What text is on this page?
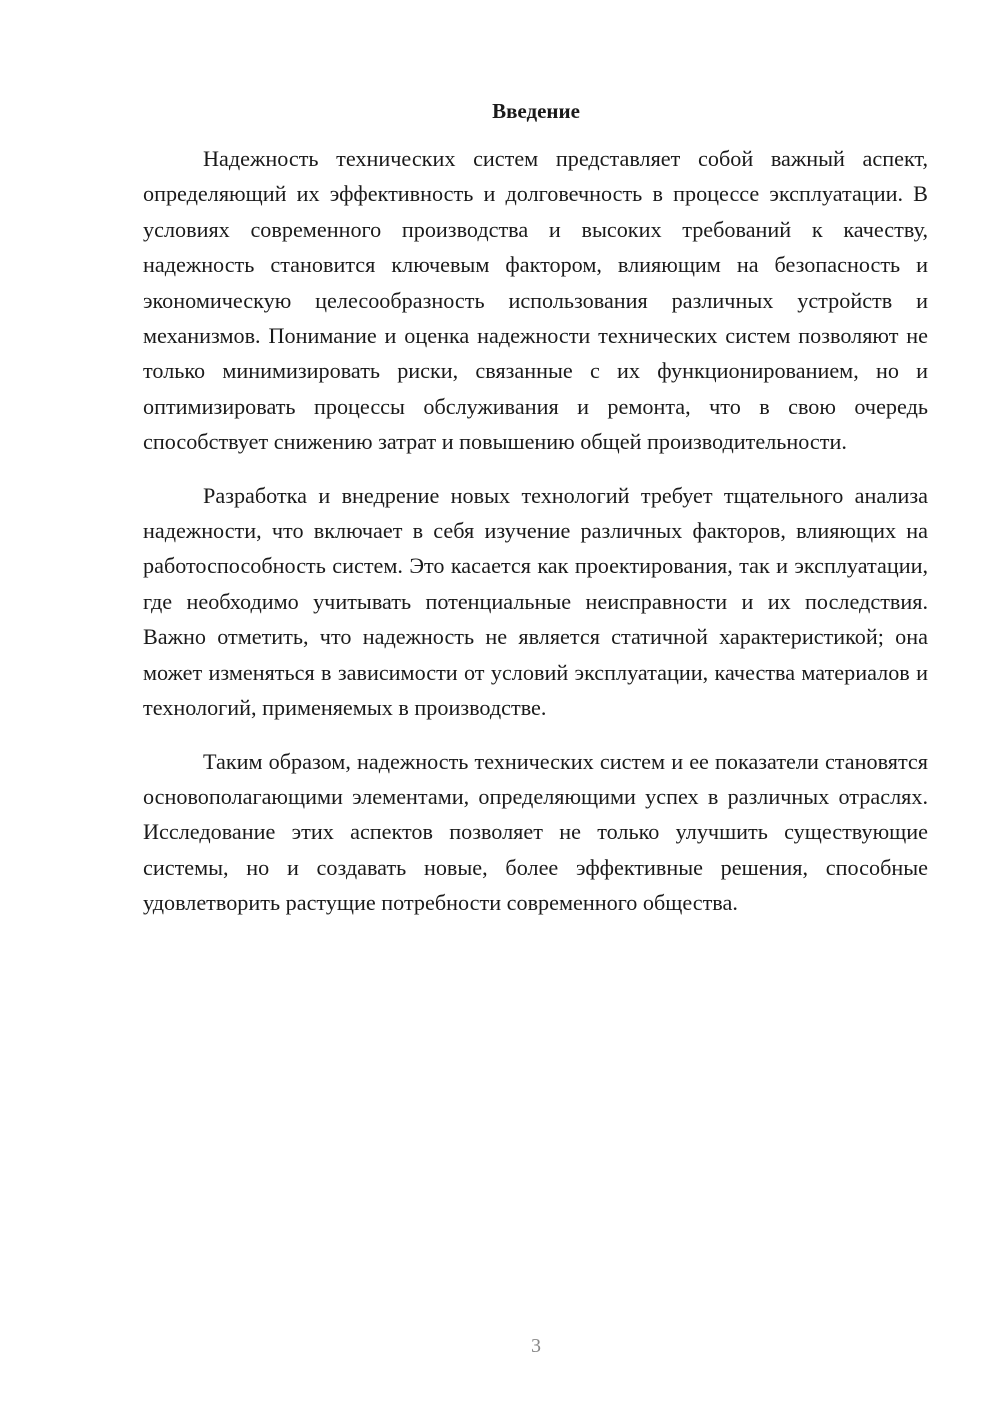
Введение

Надежность технических систем представляет собой важный аспект, определяющий их эффективность и долговечность в процессе эксплуатации. В условиях современного производства и высоких требований к качеству, надежность становится ключевым фактором, влияющим на безопасность и экономическую целесообразность использования различных устройств и механизмов. Понимание и оценка надежности технических систем позволяют не только минимизировать риски, связанные с их функционированием, но и оптимизировать процессы обслуживания и ремонта, что в свою очередь способствует снижению затрат и повышению общей производительности.

Разработка и внедрение новых технологий требует тщательного анализа надежности, что включает в себя изучение различных факторов, влияющих на работоспособность систем. Это касается как проектирования, так и эксплуатации, где необходимо учитывать потенциальные неисправности и их последствия. Важно отметить, что надежность не является статичной характеристикой; она может изменяться в зависимости от условий эксплуатации, качества материалов и технологий, применяемых в производстве.

Таким образом, надежность технических систем и ее показатели становятся основополагающими элементами, определяющими успех в различных отраслях. Исследование этих аспектов позволяет не только улучшить существующие системы, но и создавать новые, более эффективные решения, способные удовлетворить растущие потребности современного общества.

3
